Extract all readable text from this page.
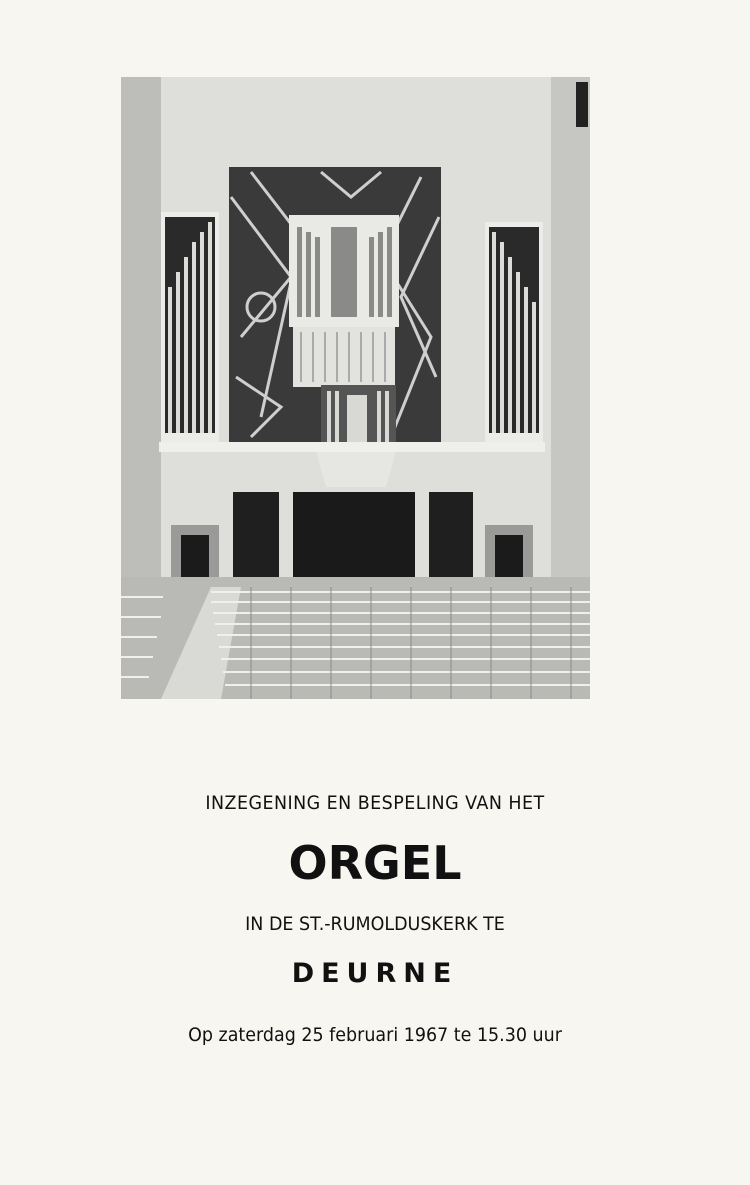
INZEGENING EN BESPELING VAN HET
ORGEL
IN DE ST.-RUMOLDUSKERK TE
DEURNE
Op zaterdag 25 februari 1967 te 15.30 uur
